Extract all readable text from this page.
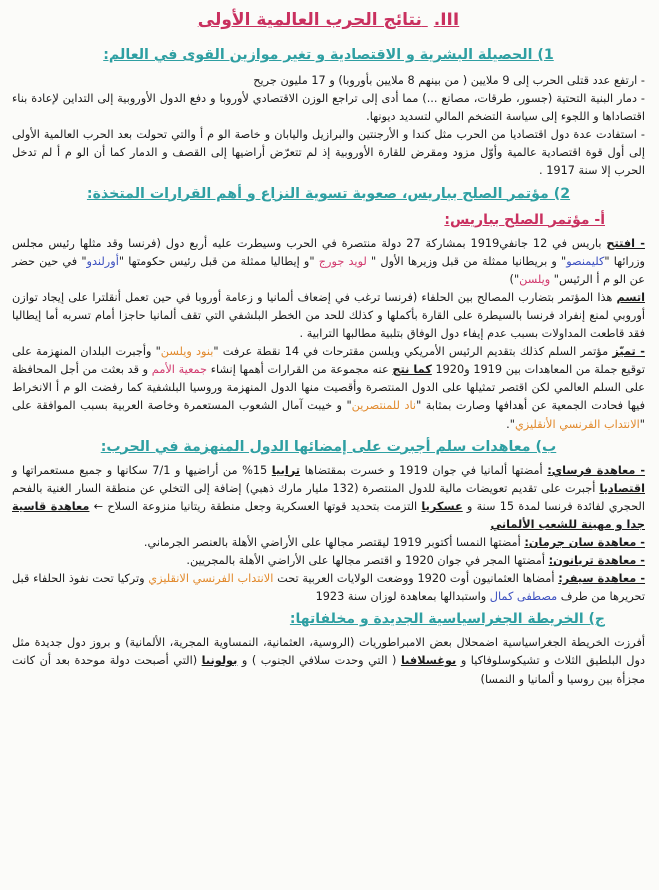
III. نتائج الحرب العالمية الأولى
1) الحصيلة البشرية و الاقتصادية و تغير موازين القوى في العالم:

- ارتفع عدد قتلى الحرب إلى 9 ملايين ( من بينهم 8 ملايين بأوروبا) و 17 مليون جريح

- دمار البنية التحتية (جسور، طرقات، مصانع ...) مما أدى إلى تراجع الوزن الاقتصادي لأوروبا و دفع الدول الأوروبية إلى التداين لإعادة بناء اقتصاداها و اللجوء إلى سياسة التضخم المالي لتسديد ديونها.

- استفادت عدة دول اقتصاديا من الحرب مثل كندا و الأرجنتين والبرازيل واليابان و خاصة الو م أ والتي تحولت بعد الحرب العالمية الأولى إلى أول قوة اقتصادية عالمية وأوّل مزود ومقرض للقارة الأوروبية إذ لم تتعرّض أراضيها إلى القصف و الدمار كما أن الو م أ لم تدخل الحرب إلا سنة 1917 .

2) مؤتمر الصلح بباريس، صعوبة تسوية النزاع و أهم القرارات المتخذة:
أ- مؤتمر الصلح بباريس:

- افتتح باريس في 12 جانفي1919 بمشاركة 27 دولة منتصرة في الحرب وسيطرت عليه أربع دول (فرنسا وقد مثلها رئيس مجلس وزرائها "كليمنصو" و بريطانيا ممثلة من قبل وزيرها الأول " لويد جورج "و إيطاليا ممثلة من قبل رئيس حكومتها "أورلندو" في حين حضر عن الو م أ الرئيس" ويلسن")

اتسم هذا المؤتمر بتضارب المصالح بين الحلفاء (فرنسا ترغب في إضعاف ألمانيا و زعامة أوروبا في حين تعمل أنقلترا على إيجاد توازن أوروبي لمنع إنفراد فرنسا بالسيطرة على القارة بأكملها و كذلك للحد من الخطر البلشفي التي تقف ألمانيا حاجزا أمام تسربه أما إيطاليا فقد قاطعت المداولات بسبب عدم إيفاء دول الوفاق بتلبية مطالبها الترابية .

- تميّز مؤتمر السلم كذلك بتقديم الرئيس الأمريكي ويلسن مقترحات في 14 نقطة عرفت "بنود ويلسن" وأجبرت البلدان المنهزمة على توقيع جملة من المعاهدات بين 1919 و1920 كما نتج عنه مجموعة من القرارات أهمها إنشاء جمعية الأمم و قد بعثت من أجل المحافظة على السلم العالمي لكن اقتصر تمثيلها على الدول المنتصرة وأقصيت منها الدول المنهزمة وروسيا البلشفية كما رفضت الو م أ الانخراط فيها فحادت الجمعية عن أهدافها وصارت بمثابة "ناد للمنتصرين" و خيبت آمال الشعوب المستعمرة وخاصة العربية بسبب الموافقة على "الانتداب الفرنسي الأنقليزي".

ب) معاهدات سلم أجبرت على إمضائها الدول المنهزمة في الحرب:

- معاهدة فرساي: أمضتها ألمانيا في جوان 1919 و خسرت بمقتضاها ترابيا 15% من أراضيها و 7/1 سكانها و جميع مستعمراتها و اقتصاديا أجبرت على تقديم تعويضات مالية للدول المنتصرة (132 مليار مارك ذهبي) إضافة إلى التخلي عن منطقة السار الغنية بالفحم الحجري لفائدة فرنسا لمدة 15 سنة و عسكريا التزمت بتحديد قوتها العسكرية وجعل منطقة ريتانيا منزوعة السلاح ← معاهدة قاسية جدا و مهينة للشعب الألماني

- معاهدة سان جرمان: أمضتها النمسا أكتوبر 1919 ليقتصر مجالها على الأراضي الأهلة بالعنصر الجرماني.

- معاهدة تريانون: أمضتها المجر في جوان 1920 و اقتصر مجالها على الأراضي الأهلة بالمجريين.

- معاهدة سيفر: أمضاها العثمانيون أوت 1920 ووضعت الولايات العربية تحت الانتداب الفرنسي الانقليزي وتركيا تحت نفوذ الحلفاء قبل تحريرها من طرف مصطفى كمال واستبدالها بمعاهدة لوزان سنة 1923

ج) الخريطة الجغراسياسية الجديدة و مخلفاتها:

أفرزت الخريطة الجغراسياسية اضمحلال بعض الامبراطوريات (الروسية، العثمانية، النمساوية المجرية، الألمانية) و بروز دول جديدة مثل دول البلطيق الثلاث و تشيكوسلوفاكيا و يوغسلافيا ( التي وحدت سلافي الجنوب ) و بولونيا (التي أصبحت دولة موحدة بعد أن كانت مجزأة بين روسيا و ألمانيا و النمسا)
